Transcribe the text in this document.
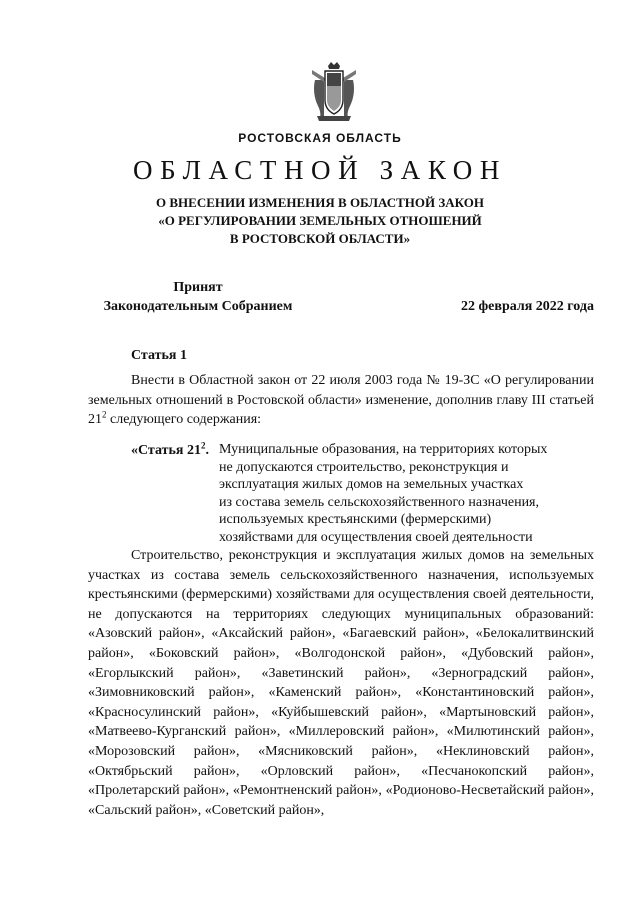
РОСТОВСКАЯ ОБЛАСТЬ
ОБЛАСТНОЙ ЗАКОН
О ВНЕСЕНИИ ИЗМЕНЕНИЯ В ОБЛАСТНОЙ ЗАКОН
«О РЕГУЛИРОВАНИИ ЗЕМЕЛЬНЫХ ОТНОШЕНИЙ
В РОСТОВСКОЙ ОБЛАСТИ»
Принят
Законодательным Собранием	22 февраля 2022 года
Статья 1
Внести в Областной закон от 22 июля 2003 года № 19-ЗС «О регулировании земельных отношений в Ростовской области» изменение, дополнив главу III статьей $21^2$ следующего содержания:
«Статья $21^2$. Муниципальные образования, на территориях которых
не допускаются строительство, реконструкция и
эксплуатация жилых домов на земельных участках
из состава земель сельскохозяйственного назначения,
используемых крестьянскими (фермерскими)
хозяйствами для осуществления своей деятельности
Строительство, реконструкция и эксплуатация жилых домов на земельных участках из состава земель сельскохозяйственного назначения, используемых крестьянскими (фермерскими) хозяйствами для осуществления своей деятельности, не допускаются на территориях следующих муниципальных образований: «Азовский район», «Аксайский район», «Багаевский район», «Белокалитвинский район», «Боковский район», «Волгодонской район», «Дубовский район», «Егорлыкский район», «Заветинский район», «Зерноградский район», «Зимовниковский район», «Каменский район», «Константиновский район», «Красносулинский район», «Куйбышевский район», «Мартыновский район», «Матвеево-Курганский район», «Миллеровский район», «Милютинский район», «Морозовский район», «Мясниковский район», «Неклиновский район», «Октябрьский район», «Орловский район», «Песчанокопский район», «Пролетарский район», «Ремонтненский район», «Родионово-Несветайский район», «Сальский район», «Советский район»,
